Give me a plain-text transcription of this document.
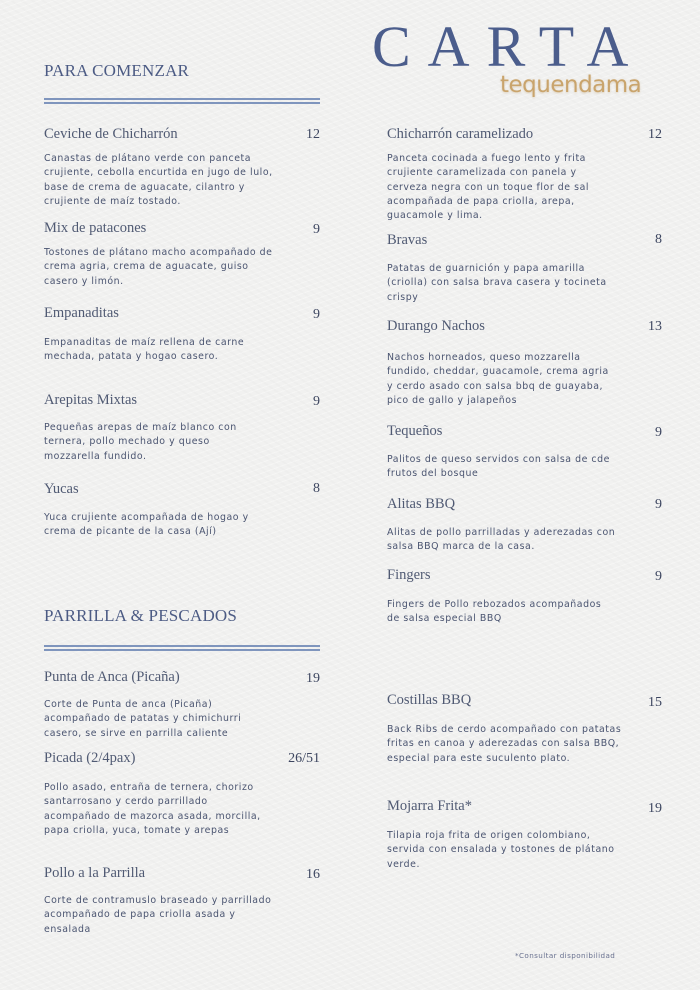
CARTA
tequendama
PARA COMENZAR
Ceviche de Chicharrón	12
Canastas de plátano verde con panceta crujiente, cebolla encurtida en jugo de lulo, base de crema de aguacate, cilantro y crujiente de maíz tostado.
Mix de patacones	9
Tostones de plátano macho acompañado de crema agria, crema de aguacate, guiso casero y limón.
Empanaditas	9
Empanaditas de maíz rellena de carne mechada, patata y hogao casero.
Arepitas Mixtas	9
Pequeñas arepas de maíz blanco con ternera, pollo mechado y queso mozzarella fundido.
Yucas	8
Yuca crujiente acompañada de hogao y crema de picante de la casa (Ají)
Chicharrón caramelizado	12
Panceta cocinada a fuego lento y frita crujiente caramelizada con panela y cerveza negra con un toque flor de sal acompañada de papa criolla, arepa, guacamole y lima.
Bravas	8
Patatas de guarnición y papa amarilla (criolla) con salsa brava casera y tocineta crispy
Durango Nachos	13
Nachos horneados, queso mozzarella fundido, cheddar, guacamole, crema agria y cerdo asado con salsa bbq de guayaba, pico de gallo y jalapeños
Tequeños	9
Palitos de queso servidos con salsa de cde frutos del bosque
Alitas BBQ	9
Alitas de pollo parrilladas y aderezadas con salsa BBQ marca de la casa.
Fingers	9
Fingers de Pollo rebozados acompañados de salsa especial BBQ
PARRILLA & PESCADOS
Punta de Anca (Picaña)	19
Corte de Punta de anca (Picaña) acompañado de patatas y chimichurri casero, se sirve en parrilla caliente
Picada (2/4pax)	26/51
Pollo asado, entraña de ternera, chorizo santarrosano y cerdo parrillado acompañado de mazorca asada, morcilla, papa criolla, yuca, tomate y arepas
Pollo a la Parrilla	16
Corte de contramuslo braseado y parrillado acompañado de papa criolla asada y ensalada
Costillas BBQ	15
Back Ribs de cerdo acompañado con patatas fritas en canoa y aderezadas con salsa BBQ, especial para este suculento plato.
Mojarra Frita*	19
Tilapia roja frita de origen colombiano, servida con ensalada y tostones de plátano verde.
*Consultar disponibilidad
